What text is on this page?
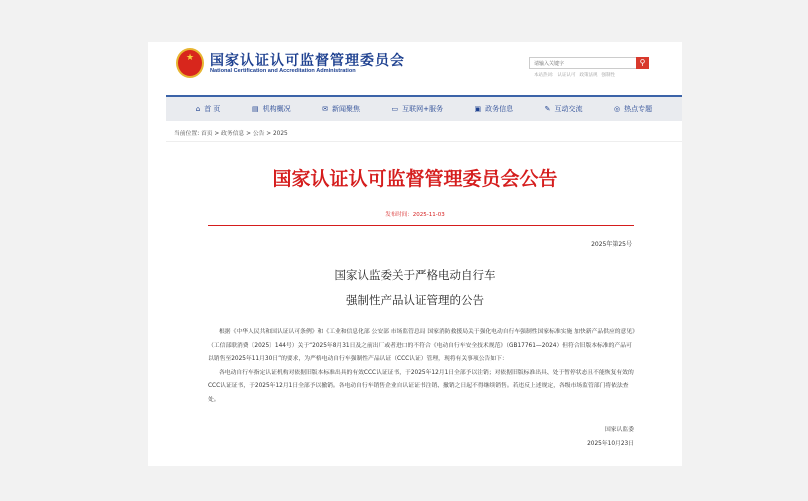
★
国家认证认可监督管理委员会
National Certification and Accreditation Administration
请输入关键字	⚲
本站热词: 认证认可 政策法规 强制性
⌂ 首 页	▤ 机构概况	✉ 新闻聚焦	▭ 互联网+服务	▣ 政务信息	✎ 互动交流	◎ 热点专题
当前位置: 首页 > 政务信息 > 公告 > 2025
国家认证认可监督管理委员会公告
发布时间：2025-11-03
2025年第25号
国家认监委关于严格电动自行车
强制性产品认证管理的公告

根据《中华人民共和国认证认可条例》和《工业和信息化部 公安部 市场监管总局 国家消防救援局关于强化电动自行车强制性国家标准实施 加快新产品供应的意见》（工信部联消费〔2025〕144号）关于“2025年8月31日及之前出厂或者进口的不符合《电动自行车安全技术规范》（GB17761—2024）但符合旧版本标准的产品可以销售至2025年11月30日”的要求，为严格电动自行车强制性产品认证（CCC认证）管理，现将有关事项公告如下：

各电动自行车指定认证机构对依据旧版本标准出具的有效CCC认证证书，于2025年12月1日全部予以注销；对依据旧版标准出具、处于暂停状态且不能恢复有效的CCC认证证书，于2025年12月1日全部予以撤销。各电动自行车销售企业自认证证书注销、撤销之日起不得继续销售。若违反上述规定，各级市场监管部门将依法查处。

国家认监委
2025年10月23日
